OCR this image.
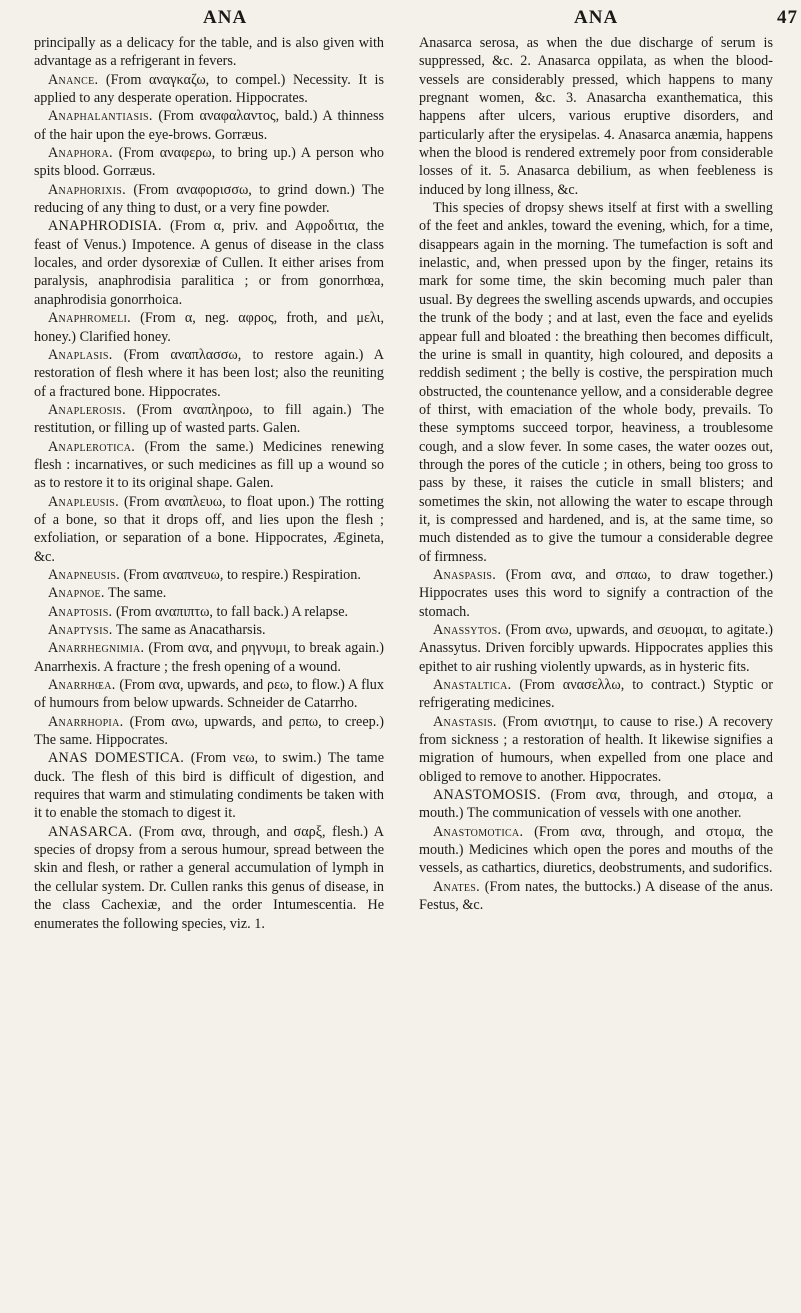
ANA	ANA	47

principally as a delicacy for the table, and is also given with advantage as a refrigerant in fevers.

Anance. (From αναγκαζω, to compel.) Necessity. It is applied to any desperate operation. Hippocrates.

Anaphalantiasis. (From αναφαλαντος, bald.) A thinness of the hair upon the eye-brows. Gorræus.

Anaphora. (From αναφερω, to bring up.) A person who spits blood. Gorræus.

Anaphorixis. (From αναφορισσω, to grind down.) The reducing of any thing to dust, or a very fine powder.

ANAPHRODISIA. (From α, priv. and Αφροδιτια, the feast of Venus.) Impotence. A genus of disease in the class locales, and order dysorexiæ of Cullen. It either arises from paralysis, anaphrodisia paralitica ; or from gonorrhœa, anaphrodisia gonorrhoica.

Anaphromeli. (From α, neg. αφρος, froth, and μελι, honey.) Clarified honey.

Anaplasis. (From αναπλασσω, to restore again.) A restoration of flesh where it has been lost; also the reuniting of a fractured bone. Hippocrates.

Anaplerosis. (From αναπληροω, to fill again.) The restitution, or filling up of wasted parts. Galen.

Anaplerotica. (From the same.) Medicines renewing flesh : incarnatives, or such medicines as fill up a wound so as to restore it to its original shape. Galen.

Anapleusis. (From αναπλευω, to float upon.) The rotting of a bone, so that it drops off, and lies upon the flesh ; exfoliation, or separation of a bone. Hippocrates, Ægineta, &c.

Anapneusis. (From αναπνευω, to respire.) Respiration.

Anapnoe. The same.

Anaptosis. (From αναπιπτω, to fall back.) A relapse.

Anaptysis. The same as Anacatharsis.

Anarrhegnimia. (From ανα, and ρηγνυμι, to break again.) Anarrhexis. A fracture ; the fresh opening of a wound.

Anarrhœa. (From ανα, upwards, and ρεω, to flow.) A flux of humours from below upwards. Schneider de Catarrho.

Anarrhopia. (From ανω, upwards, and ρεπω, to creep.) The same. Hippocrates.

ANAS DOMESTICA. (From νεω, to swim.) The tame duck. The flesh of this bird is difficult of digestion, and requires that warm and stimulating condiments be taken with it to enable the stomach to digest it.

ANASARCA. (From ανα, through, and σαρξ, flesh.) A species of dropsy from a serous humour, spread between the skin and flesh, or rather a general accumulation of lymph in the cellular system. Dr. Cullen ranks this genus of disease, in the class Cachexiæ, and the order Intumescentia. He enumerates the following species, viz. 1.

Anasarca serosa, as when the due discharge of serum is suppressed, &c. 2. Anasarca oppilata, as when the blood-vessels are considerably pressed, which happens to many pregnant women, &c. 3. Anasarcha exanthematica, this happens after ulcers, various eruptive disorders, and particularly after the erysipelas. 4. Anasarca anæmia, happens when the blood is rendered extremely poor from considerable losses of it. 5. Anasarca debilium, as when feebleness is induced by long illness, &c.

This species of dropsy shews itself at first with a swelling of the feet and ankles, toward the evening, which, for a time, disappears again in the morning. The tumefaction is soft and inelastic, and, when pressed upon by the finger, retains its mark for some time, the skin becoming much paler than usual. By degrees the swelling ascends upwards, and occupies the trunk of the body ; and at last, even the face and eyelids appear full and bloated : the breathing then becomes difficult, the urine is small in quantity, high coloured, and deposits a reddish sediment ; the belly is costive, the perspiration much obstructed, the countenance yellow, and a considerable degree of thirst, with emaciation of the whole body, prevails. To these symptoms succeed torpor, heaviness, a troublesome cough, and a slow fever. In some cases, the water oozes out, through the pores of the cuticle ; in others, being too gross to pass by these, it raises the cuticle in small blisters; and sometimes the skin, not allowing the water to escape through it, is compressed and hardened, and is, at the same time, so much distended as to give the tumour a considerable degree of firmness.

Anaspasis. (From ανα, and σπαω, to draw together.) Hippocrates uses this word to signify a contraction of the stomach.

Anassytos. (From ανω, upwards, and σευομαι, to agitate.) Anassytus. Driven forcibly upwards. Hippocrates applies this epithet to air rushing violently upwards, as in hysteric fits.

Anastaltica. (From ανασελλω, to contract.) Styptic or refrigerating medicines.

Anastasis. (From ανιστημι, to cause to rise.) A recovery from sickness ; a restoration of health. It likewise signifies a migration of humours, when expelled from one place and obliged to remove to another. Hippocrates.

ANASTOMOSIS. (From ανα, through, and στομα, a mouth.) The communication of vessels with one another.

Anastomotica. (From ανα, through, and στομα, the mouth.) Medicines which open the pores and mouths of the vessels, as cathartics, diuretics, deobstruments, and sudorifics.

Anates. (From nates, the buttocks.) A disease of the anus. Festus, &c.
